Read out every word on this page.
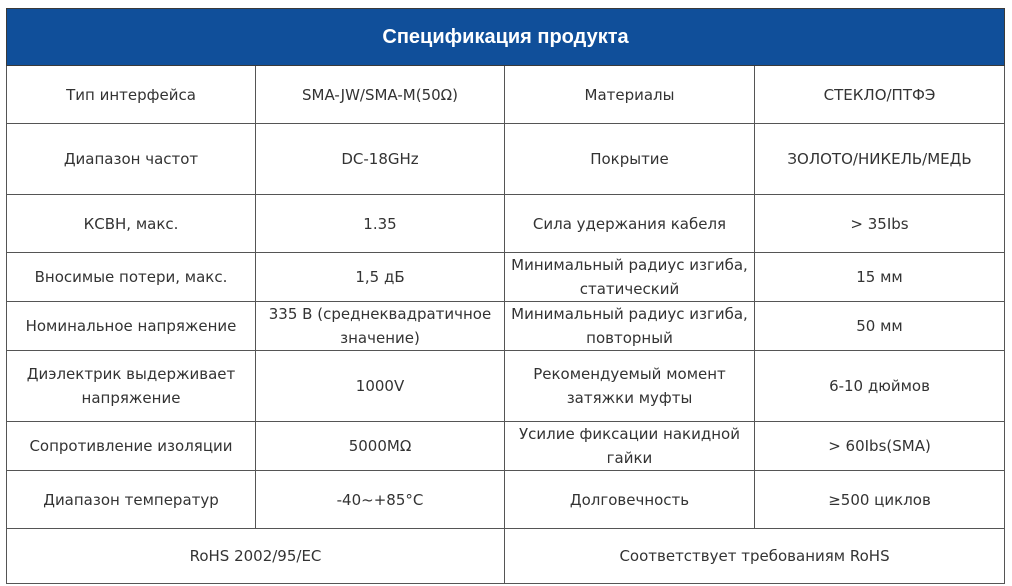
Спецификация продукта			
Тип интерфейса	SMA-JW/SMA-M(50Ω)	Материалы	СТЕКЛО/ПТФЭ
Диапазон частот	DC-18GHz	Покрытие	ЗОЛОТО/НИКЕЛЬ/МЕДЬ
КСВН, макс.	1.35	Сила удержания кабеля	> 35Ibs
Вносимые потери, макс.	1,5 дБ	Минимальный радиус изгиба, статический	15 мм
Номинальное напряжение	335 В (среднеквадратичное значение)	Минимальный радиус изгиба, повторный	50 мм
Диэлектрик выдерживает напряжение	1000V	Рекомендуемый момент затяжки муфты	6-10 дюймов
Сопротивление изоляции	5000MΩ	Усилие фиксации накидной гайки	> 60Ibs(SMA)
Диапазон температур	-40~+85°C	Долговечность	≥500 циклов
RoHS 2002/95/EC		Соответствует требованиям RoHS	
